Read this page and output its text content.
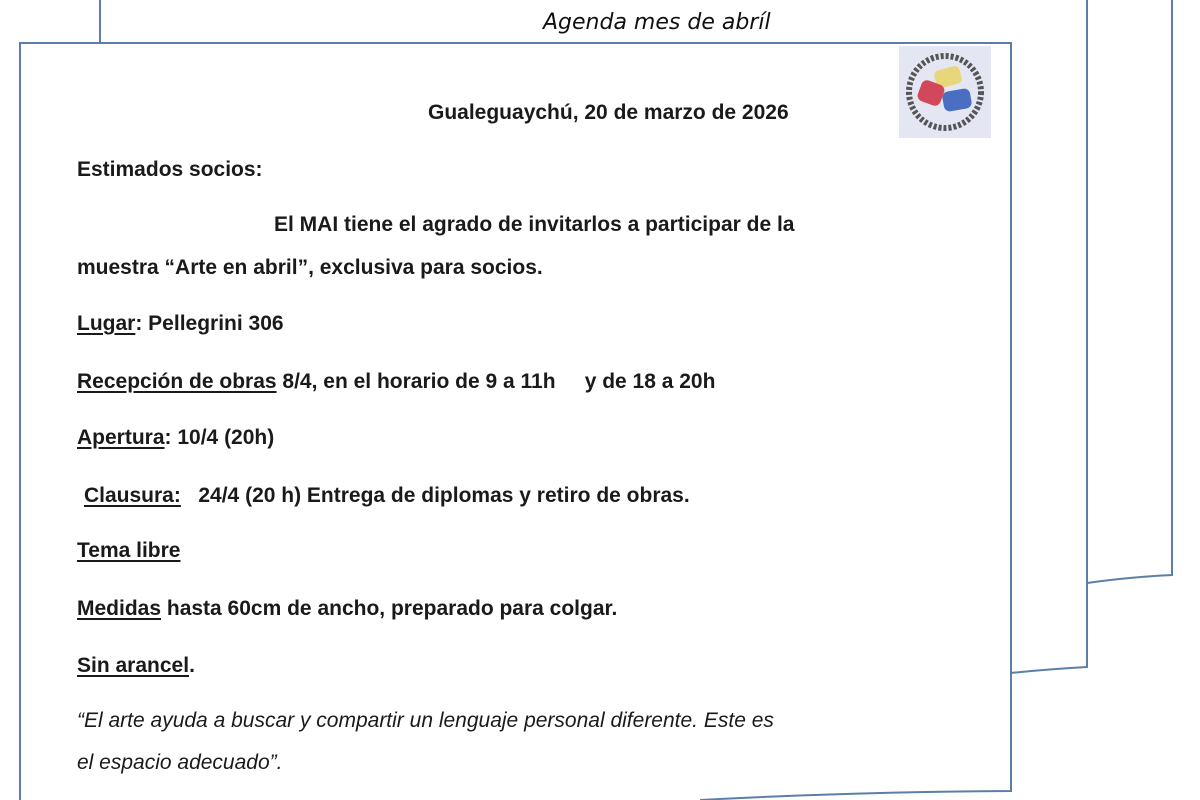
Agenda mes de abríl
Gualeguaychú, 20 de marzo de 2026
Estimados socios:
El MAI tiene el agrado de invitarlos a participar de la
muestra “Arte en abril”, exclusiva para socios.
Lugar: Pellegrini 306
Recepción de obras 8/4, en el horario de 9 a 11h     y de 18 a 20h
Apertura: 10/4 (20h)
Clausura:   24/4 (20 h) Entrega de diplomas y retiro de obras.
Tema libre
Medidas hasta 60cm de ancho, preparado para colgar.
Sin arancel.
“El arte ayuda a buscar y compartir un lenguaje personal diferente. Este es
el espacio adecuado”.
